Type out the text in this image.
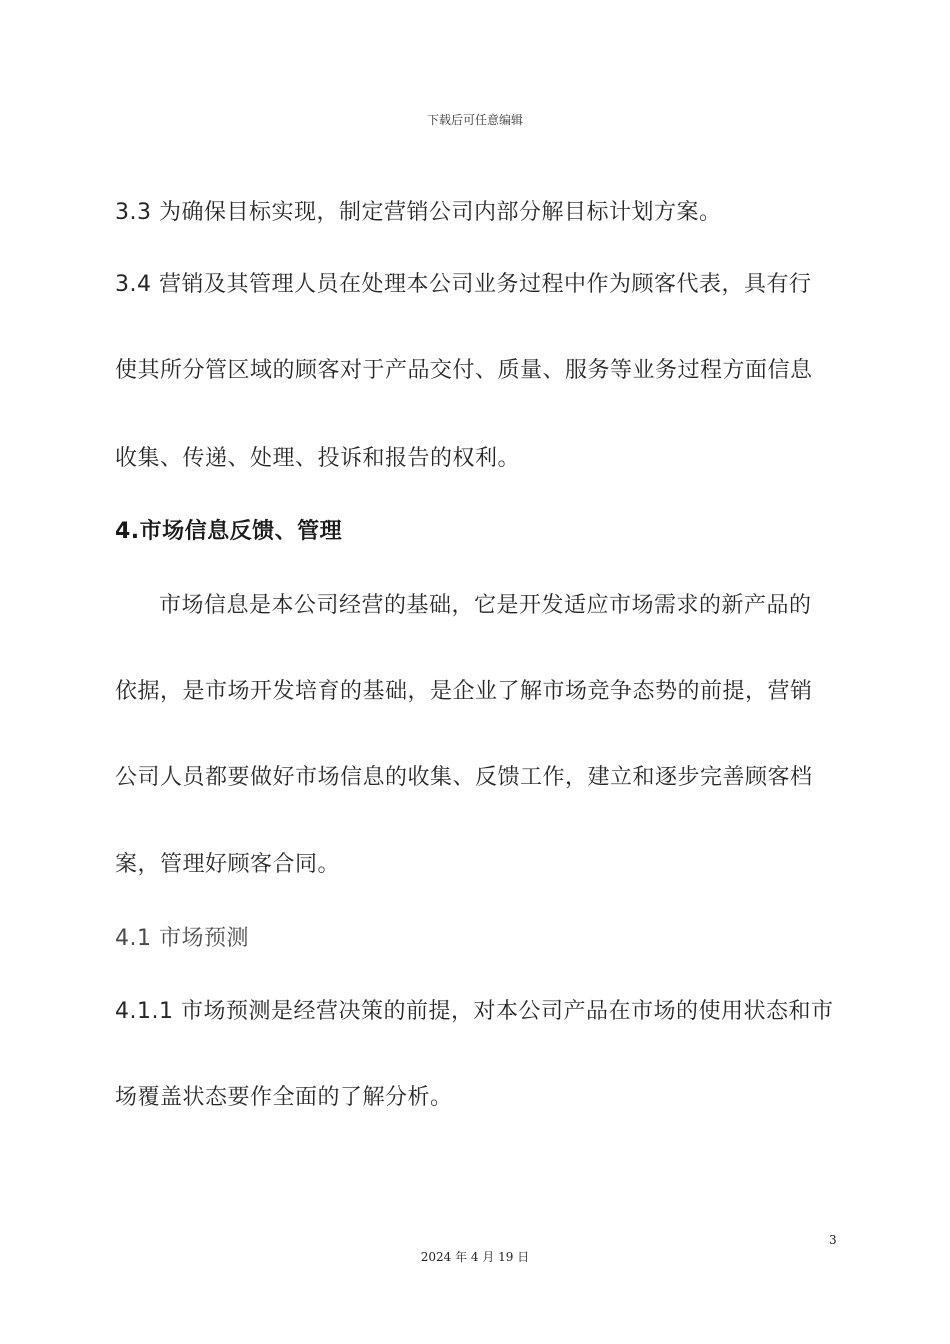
下载后可任意编辑
3.3 为确保目标实现，制定营销公司内部分解目标计划方案。
3.4 营销及其管理人员在处理本公司业务过程中作为顾客代表，具有行
使其所分管区域的顾客对于产品交付、质量、服务等业务过程方面信息
收集、传递、处理、投诉和报告的权利。
4.市场信息反馈、管理
市场信息是本公司经营的基础，它是开发适应市场需求的新产品的
依据，是市场开发培育的基础，是企业了解市场竞争态势的前提，营销
公司人员都要做好市场信息的收集、反馈工作，建立和逐步完善顾客档
案，管理好顾客合同。
4.1 市场预测
4.1.1 市场预测是经营决策的前提，对本公司产品在市场的使用状态和市
场覆盖状态要作全面的了解分析。
3
2024 年 4 月 19 日
